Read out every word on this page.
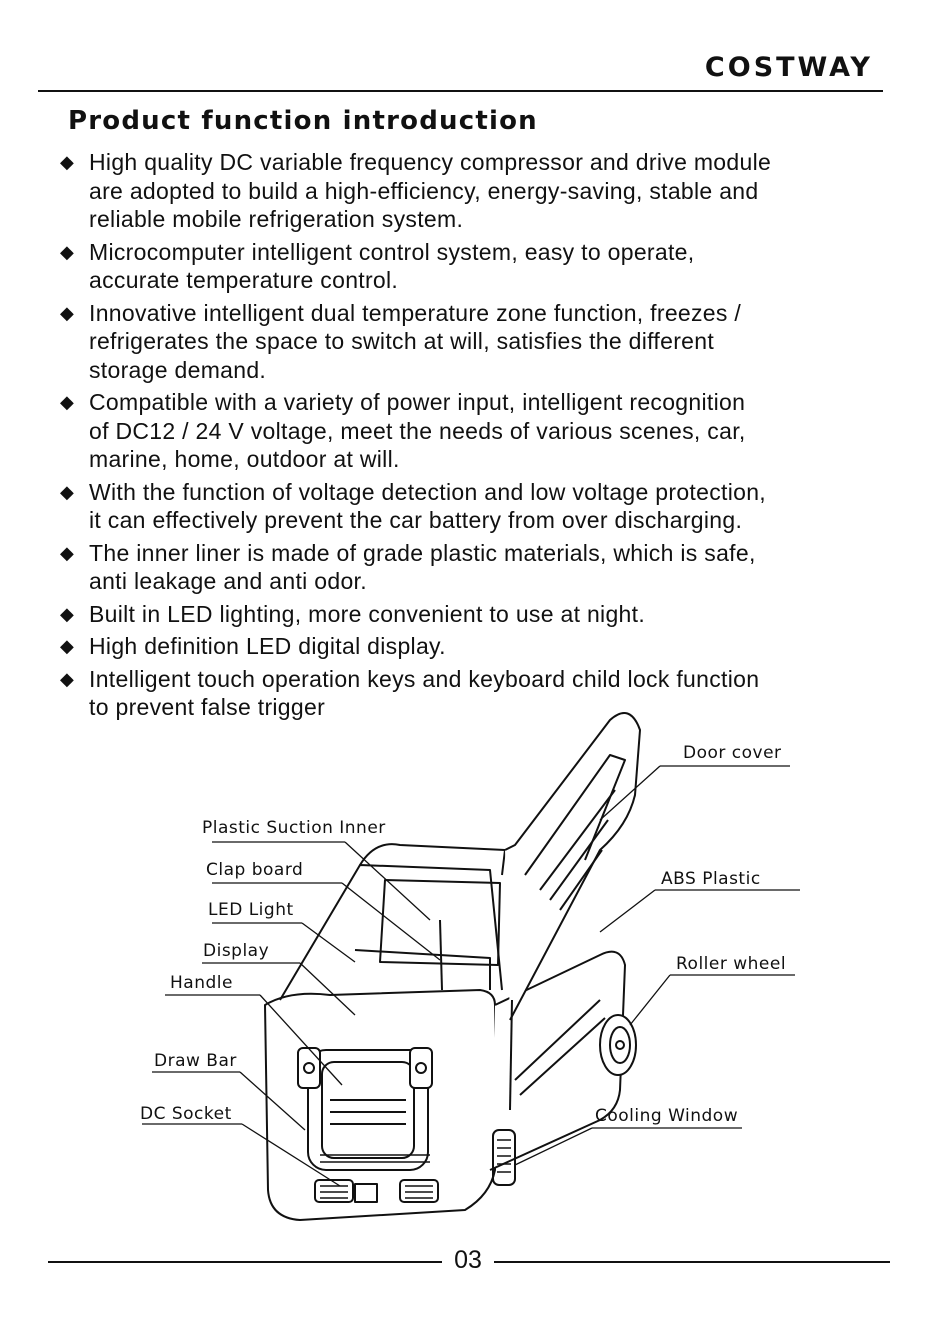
COSTWAY
Product function introduction
◆ High quality DC variable frequency compressor and drive module
are adopted to build a high-efficiency, energy-saving, stable and
reliable mobile refrigeration system.
◆ Microcomputer intelligent control system, easy to operate,
accurate temperature control.
◆ Innovative intelligent dual temperature zone function, freezes /
refrigerates the space to switch at will, satisfies the different
storage demand.
◆ Compatible with a variety of power input, intelligent recognition
of DC12 / 24 V voltage, meet the needs of various scenes, car,
marine, home, outdoor at will.
◆ With the function of voltage detection and low voltage protection,
it can effectively prevent the car battery from over discharging.
◆ The inner liner is made of grade plastic materials, which is safe,
anti leakage and anti odor.
◆ Built in LED lighting, more convenient to use at night.
◆ High definition LED digital display.
◆ Intelligent touch operation keys and keyboard child lock function
to prevent false trigger
Door cover
Plastic Suction Inner
Clap board	ABS Plastic
LED Light
Roller wheel
Display
Handle
Draw Bar
DC Socket	Cooling Window
03
